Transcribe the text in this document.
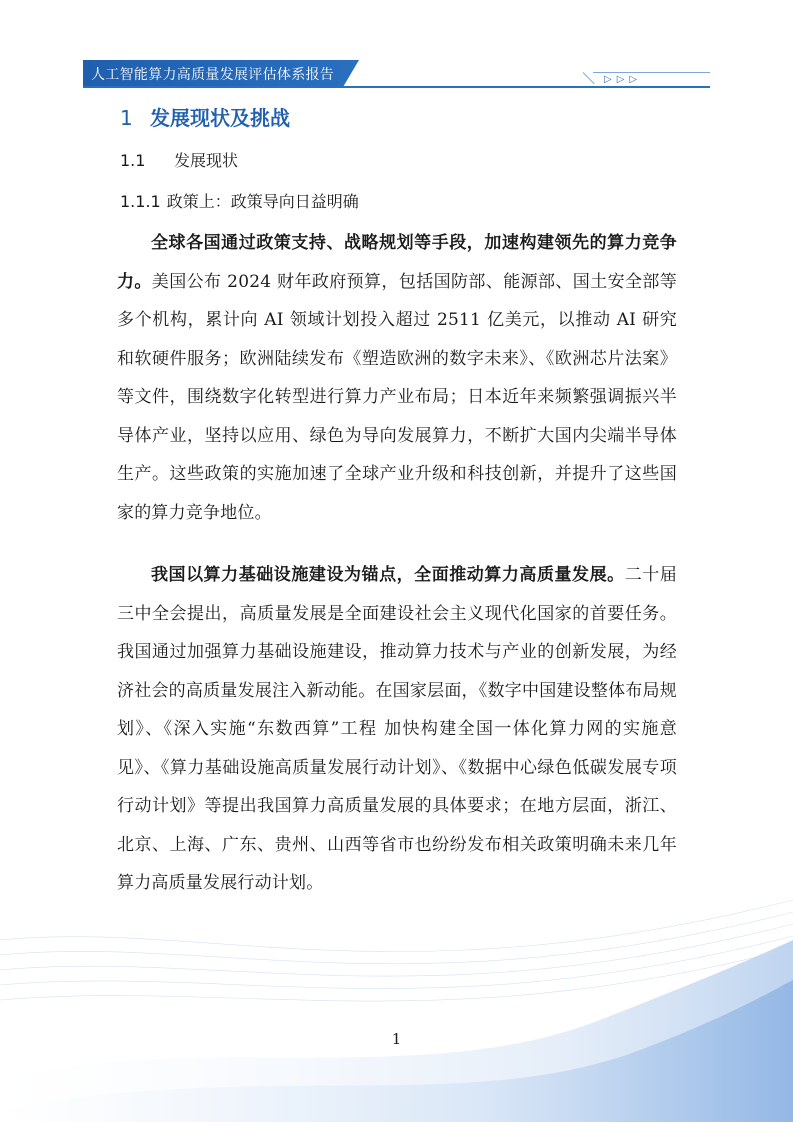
人工智能算力高质量发展评估体系报告	▷▷▷
1 发展现状及挑战
1.1 发展现状
1.1.1 政策上：政策导向日益明确

全球各国通过政策支持、战略规划等手段，加速构建领先的算力竞争力。美国公布 2024 财年政府预算，包括国防部、能源部、国土安全部等多个机构，累计向 AI 领域计划投入超过 2511 亿美元，以推动 AI 研究和软硬件服务；欧洲陆续发布《塑造欧洲的数字未来》、《欧洲芯片法案》等文件，围绕数字化转型进行算力产业布局；日本近年来频繁强调振兴半导体产业，坚持以应用、绿色为导向发展算力，不断扩大国内尖端半导体生产。这些政策的实施加速了全球产业升级和科技创新，并提升了这些国家的算力竞争地位。

我国以算力基础设施建设为锚点，全面推动算力高质量发展。二十届三中全会提出，高质量发展是全面建设社会主义现代化国家的首要任务。我国通过加强算力基础设施建设，推动算力技术与产业的创新发展，为经济社会的高质量发展注入新动能。在国家层面，《数字中国建设整体布局规划》、《深入实施“东数西算”工程 加快构建全国一体化算力网的实施意见》、《算力基础设施高质量发展行动计划》、《数据中心绿色低碳发展专项行动计划》等提出我国算力高质量发展的具体要求；在地方层面，浙江、北京、上海、广东、贵州、山西等省市也纷纷发布相关政策明确未来几年算力高质量发展行动计划。

1
